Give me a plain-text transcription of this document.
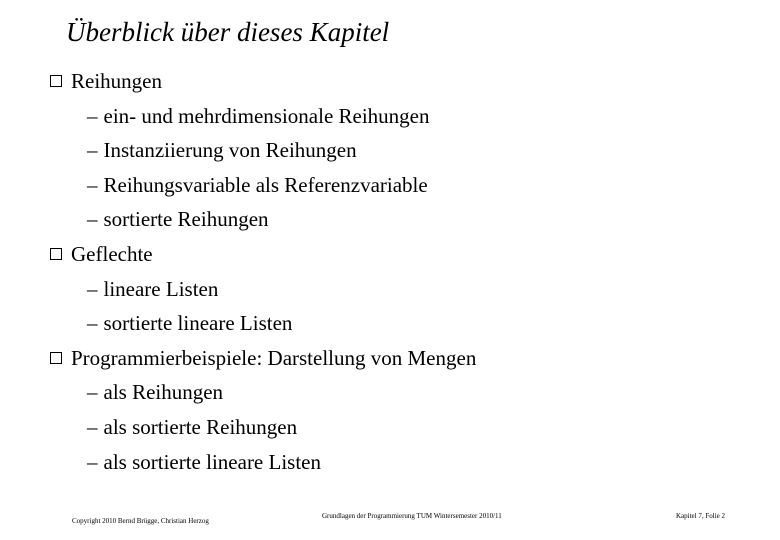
Überblick über dieses Kapitel
Reihungen
– ein- und mehrdimensionale Reihungen
– Instanziierung von Reihungen
– Reihungsvariable als Referenzvariable
– sortierte Reihungen
Geflechte
– lineare Listen
– sortierte lineare Listen
Programmierbeispiele: Darstellung von Mengen
– als Reihungen
– als sortierte Reihungen
– als sortierte lineare Listen
Copyright 2010 Bernd Brügge, Christian Herzog
Grundlagen der Programmierung TUM Wintersemester 2010/11	Kapitel 7, Folie 2
